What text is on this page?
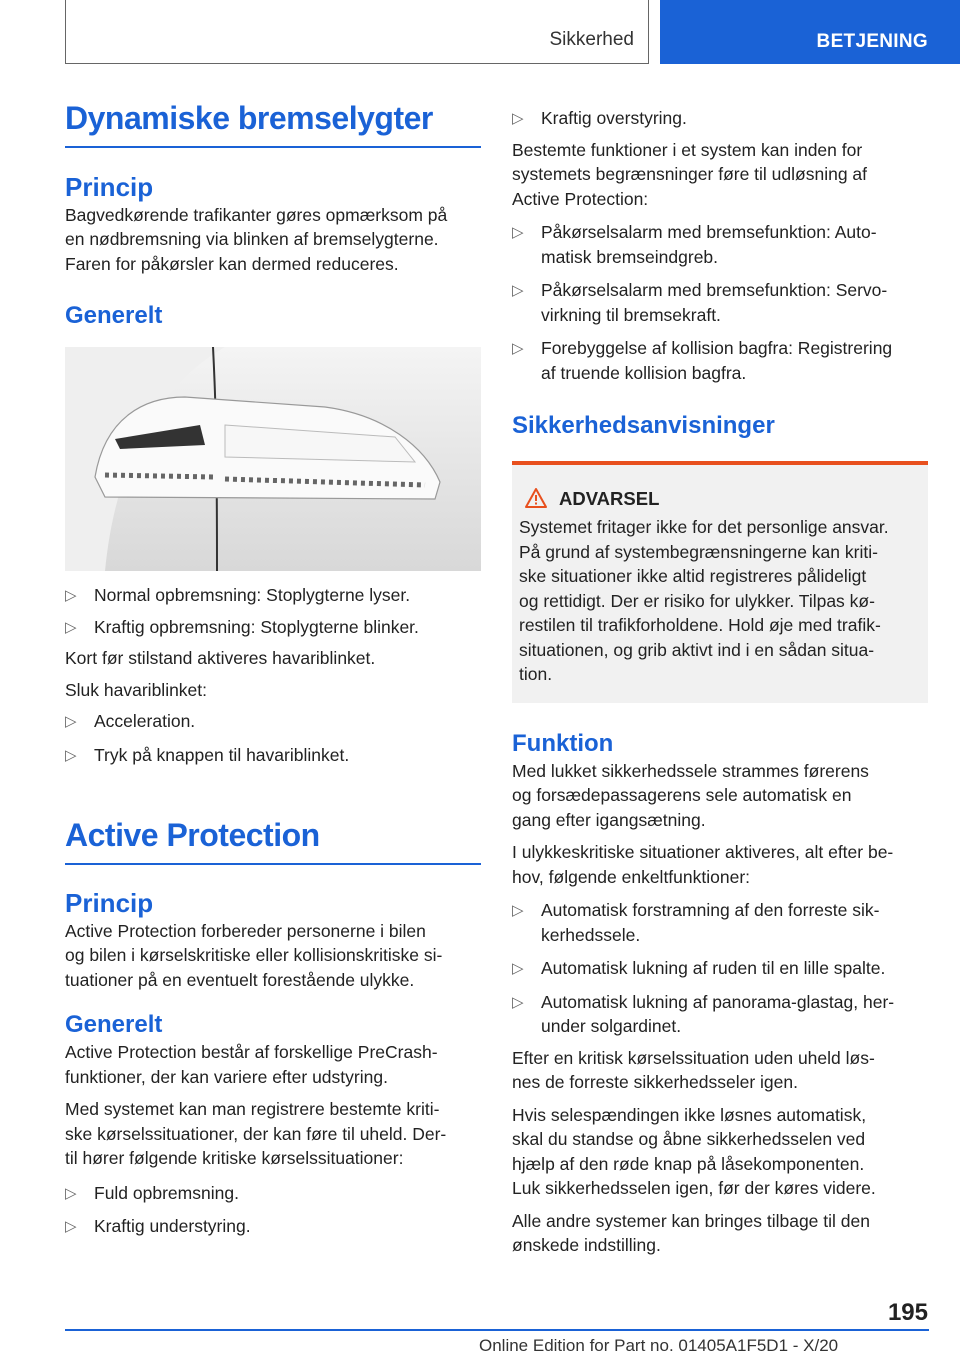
Sikkerhed	BETJENING
Dynamiske bremselygter
Princip

Bagvedkørende trafikanter gøres opmærksom på
en nødbremsning via blinken af bremselygterne.
Faren for påkørsler kan dermed reduceres.

Generelt
▷ Normal opbremsning: Stoplygterne lyser.
▷ Kraftig opbremsning: Stoplygterne blinker.

Kort før stilstand aktiveres havariblinket.

Sluk havariblinket:

▷ Acceleration.
▷ Tryk på knappen til havariblinket.
Active Protection
Princip

Active Protection forbereder personerne i bilen
og bilen i kørselskritiske eller kollisionskritiske si-
tuationer på en eventuelt forestående ulykke.

Generelt

Active Protection består af forskellige PreCrash-
funktioner, der kan variere efter udstyring.

Med systemet kan man registrere bestemte kriti-
ske kørselssituationer, der kan føre til uheld. Der-
til hører følgende kritiske kørselssituationer:

▷ Fuld opbremsning.
▷ Kraftig understyring.
▷ Kraftig overstyring.

Bestemte funktioner i et system kan inden for
systemets begrænsninger føre til udløsning af
Active Protection:

▷ Påkørselsalarm med bremsefunktion: Auto-
matisk bremseindgreb.
▷ Påkørselsalarm med bremsefunktion: Servo-
virkning til bremsekraft.
▷ Forebyggelse af kollision bagfra: Registrering
af truende kollision bagfra.
Sikkerhedsanvisninger
ADVARSEL

Systemet fritager ikke for det personlige ansvar.
På grund af systembegrænsningerne kan kriti-
ske situationer ikke altid registreres pålideligt
og rettidigt. Der er risiko for ulykker. Tilpas kø-
restilen til trafikforholdene. Hold øje med trafik-
situationen, og grib aktivt ind i en sådan situa-
tion.

Funktion

Med lukket sikkerhedssele strammes førerens
og forsædepassagerens sele automatisk en
gang efter igangsætning.

I ulykkeskritiske situationer aktiveres, alt efter be-
hov, følgende enkeltfunktioner:

▷ Automatisk forstramning af den forreste sik-
kerhedssele.
▷ Automatisk lukning af ruden til en lille spalte.
▷ Automatisk lukning af panorama-glastag, her-
under solgardinet.

Efter en kritisk kørselssituation uden uheld løs-
nes de forreste sikkerhedsseler igen.

Hvis selespændingen ikke løsnes automatisk,
skal du standse og åbne sikkerhedsselen ved
hjælp af den røde knap på låsekomponenten.
Luk sikkerhedsselen igen, før der køres videre.

Alle andre systemer kan bringes tilbage til den
ønskede indstilling.

195
Online Edition for Part no. 01405A1F5D1 - X/20
